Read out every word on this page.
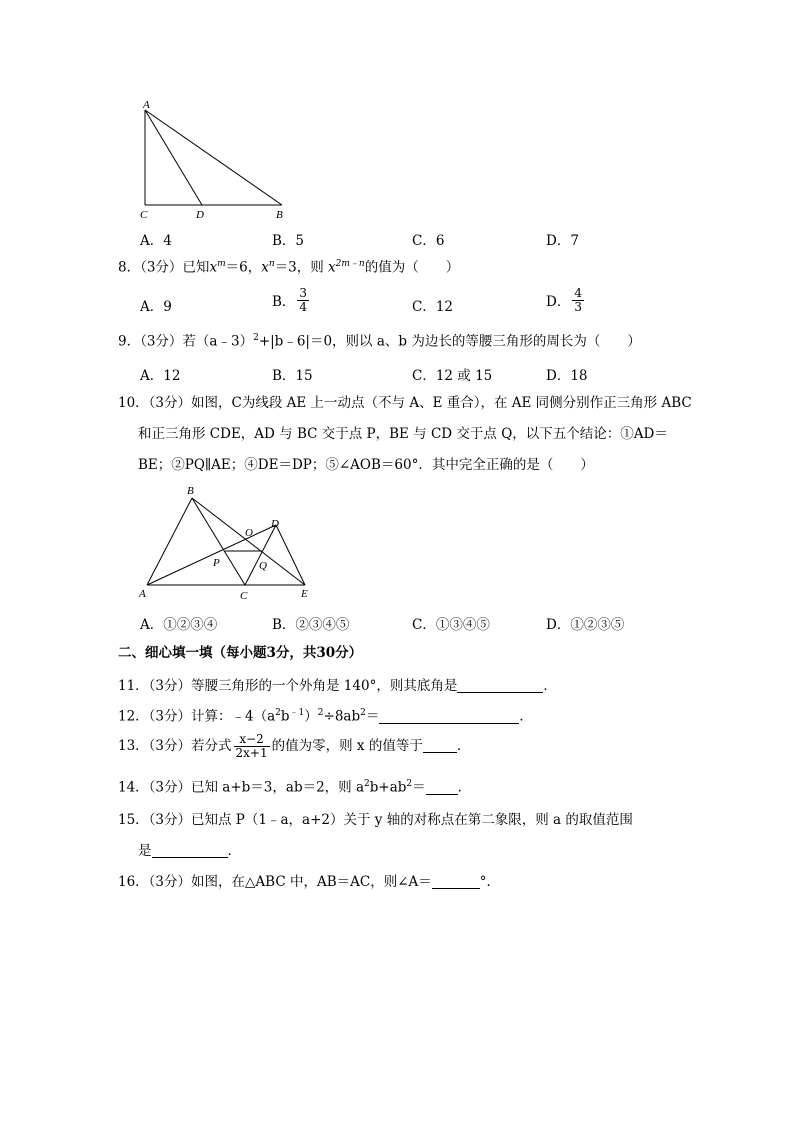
A
C	D	B
A．4	B．5	C．6	D．7
8．（3分）已知$x^m=6$，$x^n=3$，则 $x^{2m﹣n}$的值为（　　）
A．9	B． $\frac{3}{4}$	C．12	D． $\frac{4}{3}$
9．（3分）若（a﹣3）$^2$+|b﹣6|＝0，则以 a、b 为边长的等腰三角形的周长为（　　）
A．12	B．15	C．12 或 15	D．18
10．（3分）如图，C为线段 AE 上一动点（不与 A、E 重合），在 AE 同侧分别作正三角形 ABC
和正三角形 CDE，AD 与 BC 交于点 P，BE 与 CD 交于点 Q，以下五个结论：①AD＝
BE；②PQ∥AE；④DE＝DP；⑤∠AOB＝60°．其中完全正确的是（　　）
B
O
D
P	Q
A	C	E
A．①②③④	B．②③④⑤	C．①③④⑤	D．①②③⑤
二、细心填一填（每小题3分，共30分）
11．（3分）等腰三角形的一个外角是 140°，则其底角是	．
12．（3分）计算：$﹣4(a^2b^{﹣1})^2\div 8ab^2=$	．
13．（3分）若分式 $\frac{x-2}{2x+1}$ 的值为零，则 x 的值等于	．
14．（3分）已知 a+b＝3，ab＝2，则 $a^2b+ab^2=$ ．
15．（3分）已知点 P（1﹣a，a+2）关于 y 轴的对称点在第二象限，则 a 的取值范围
是	．
16．（3分）如图，在△ABC 中，AB＝AC，则∠A＝	°．
